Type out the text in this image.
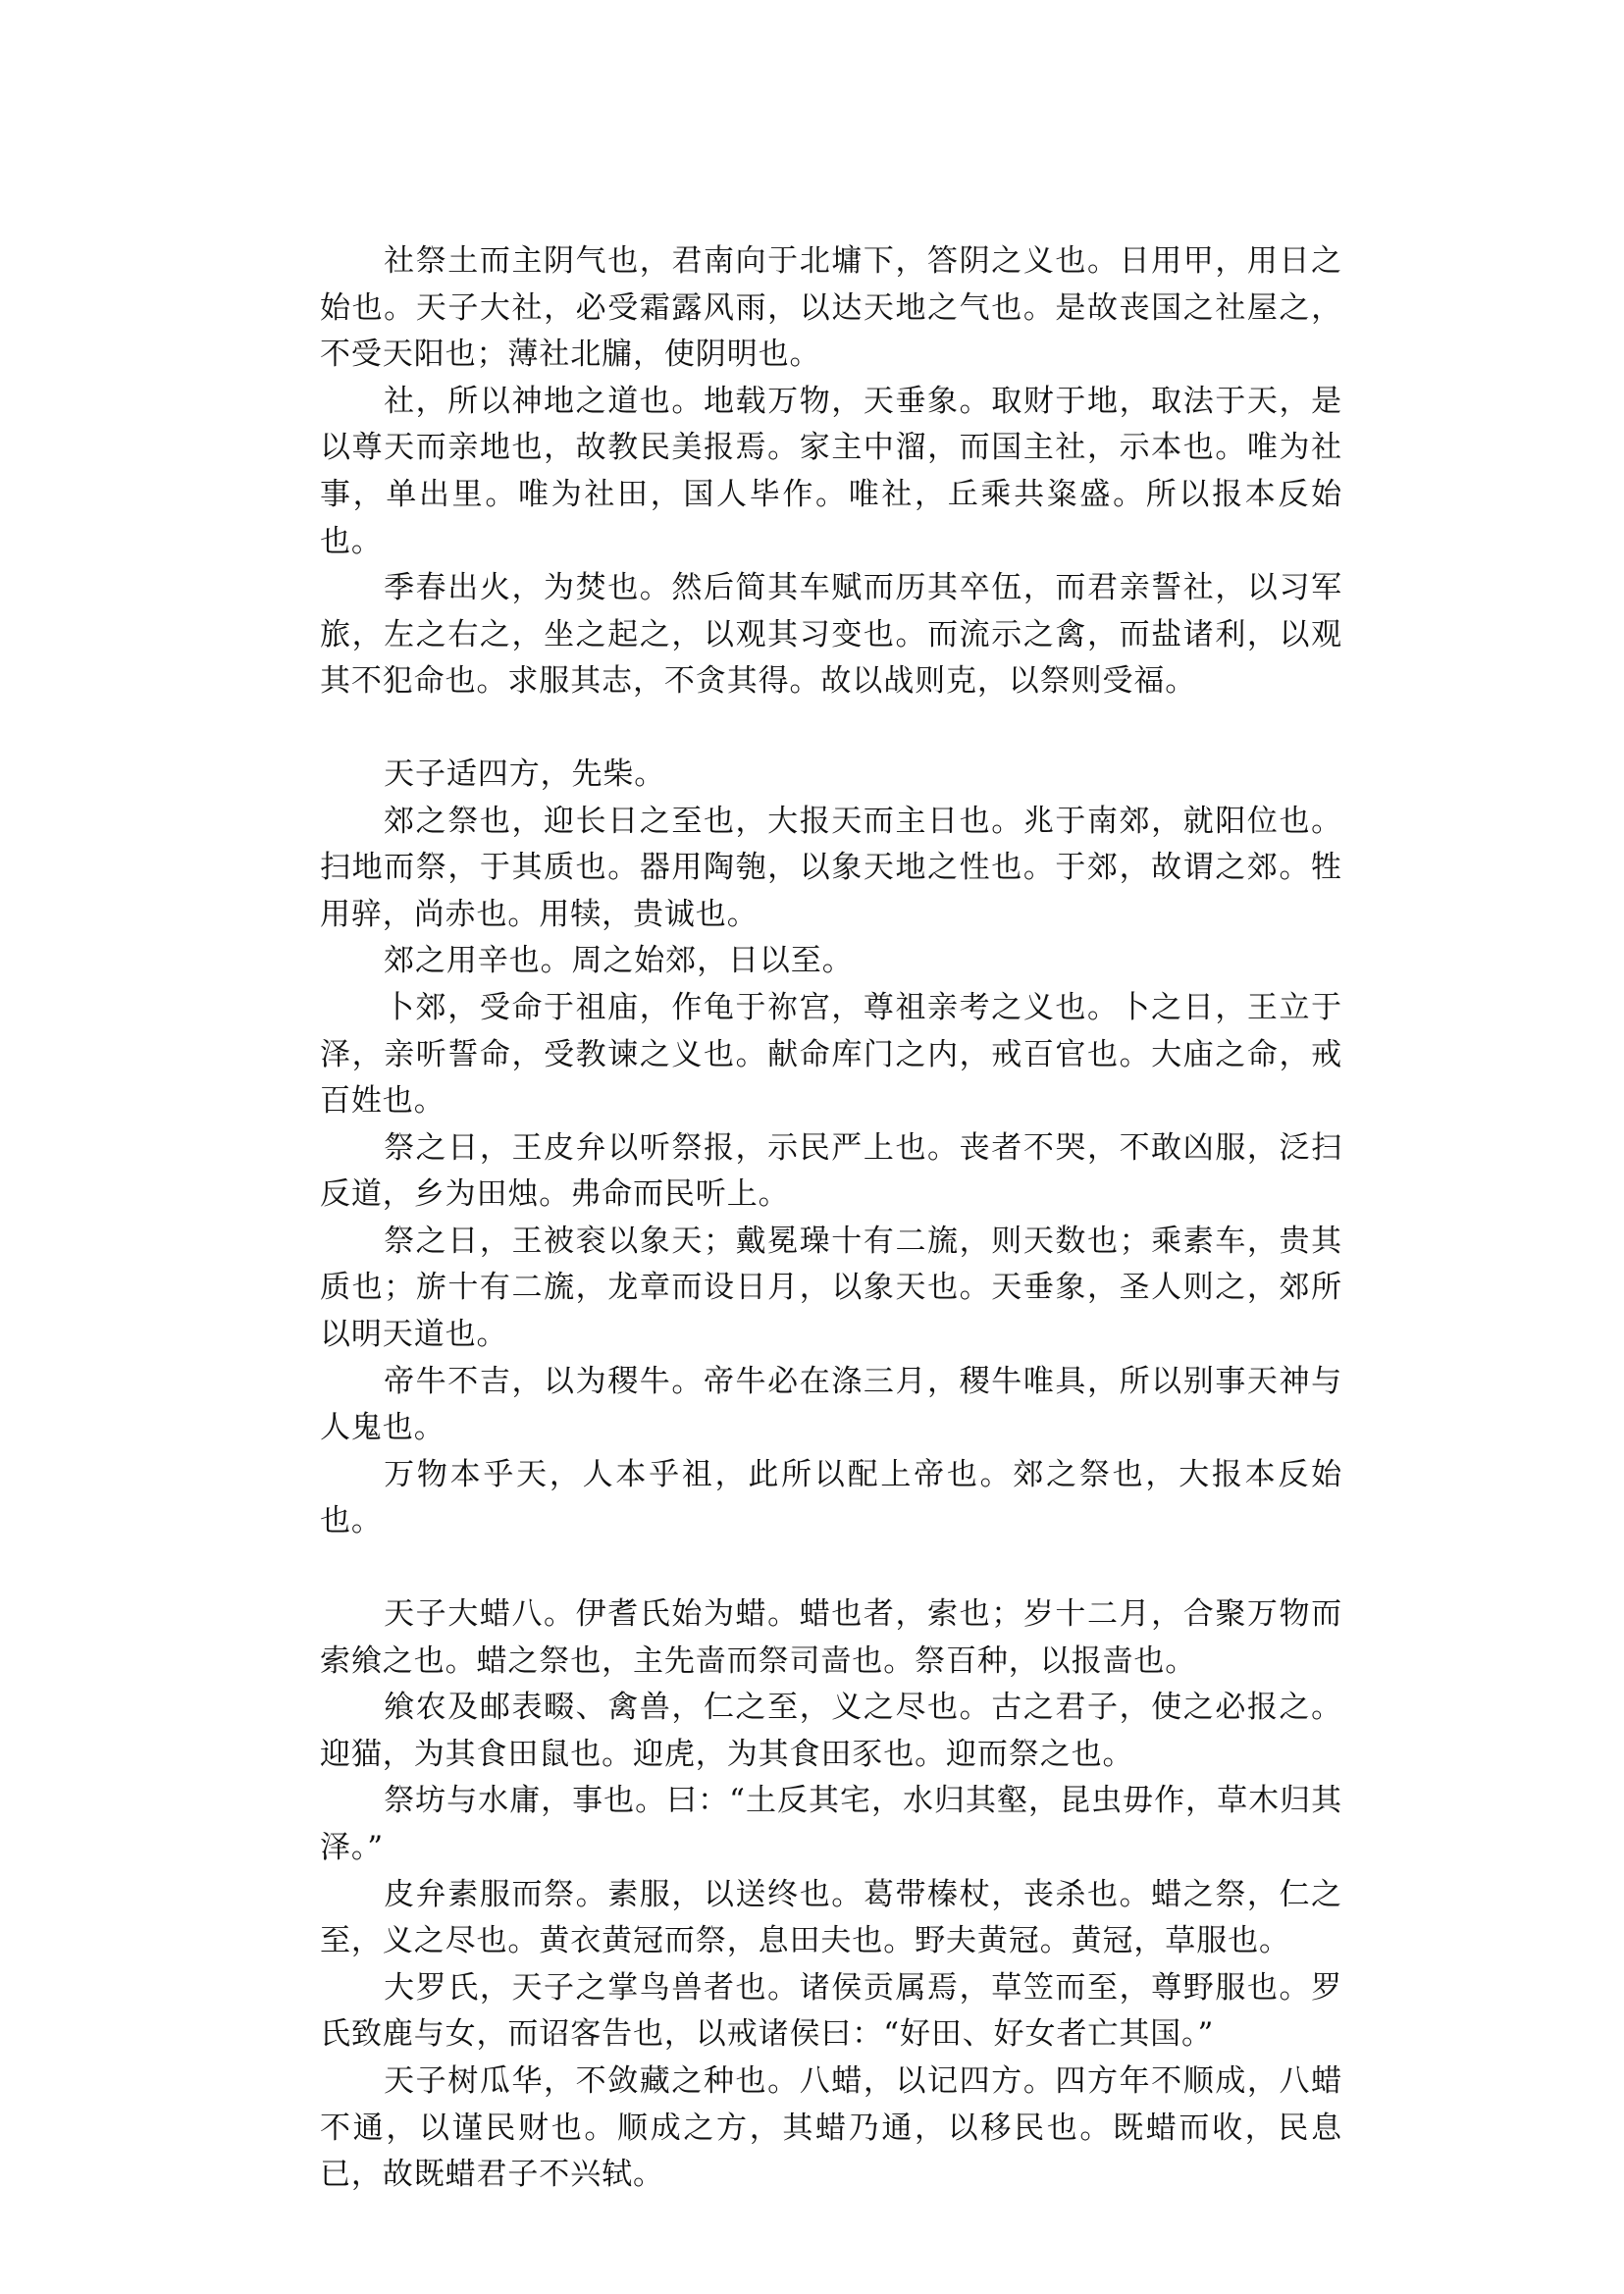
社祭土而主阴气也，君南向于北墉下，答阴之义也。日用甲，用日之始也。天子大社，必受霜露风雨，以达天地之气也。是故丧国之社屋之，不受天阳也；薄社北牖，使阴明也。

社，所以神地之道也。地载万物，天垂象。取财于地，取法于天，是以尊天而亲地也，故教民美报焉。家主中溜，而国主社，示本也。唯为社事，单出里。唯为社田，国人毕作。唯社，丘乘共粢盛。所以报本反始也。

季春出火，为焚也。然后简其车赋而历其卒伍，而君亲誓社，以习军旅，左之右之，坐之起之，以观其习变也。而流示之禽，而盐诸利，以观其不犯命也。求服其志，不贪其得。故以战则克，以祭则受福。

天子适四方，先柴。

郊之祭也，迎长日之至也，大报天而主日也。兆于南郊，就阳位也。扫地而祭，于其质也。器用陶匏，以象天地之性也。于郊，故谓之郊。牲用骍，尚赤也。用犊，贵诚也。

郊之用辛也。周之始郊，日以至。

卜郊，受命于祖庙，作龟于祢宫，尊祖亲考之义也。卜之日，王立于泽，亲听誓命，受教谏之义也。献命库门之内，戒百官也。大庙之命，戒百姓也。

祭之日，王皮弁以听祭报，示民严上也。丧者不哭，不敢凶服，泛扫反道，乡为田烛。弗命而民听上。

祭之日，王被衮以象天；戴冕璪十有二旒，则天数也；乘素车，贵其质也；旂十有二旒，龙章而设日月，以象天也。天垂象，圣人则之，郊所以明天道也。

帝牛不吉，以为稷牛。帝牛必在涤三月，稷牛唯具，所以别事天神与人鬼也。

万物本乎天，人本乎祖，此所以配上帝也。郊之祭也，大报本反始也。

天子大蜡八。伊耆氏始为蜡。蜡也者，索也；岁十二月，合聚万物而索飨之也。蜡之祭也，主先啬而祭司啬也。祭百种，以报啬也。

飨农及邮表畷、禽兽，仁之至，义之尽也。古之君子，使之必报之。迎猫，为其食田鼠也。迎虎，为其食田豕也。迎而祭之也。

祭坊与水庸，事也。曰：“土反其宅，水归其壑，昆虫毋作，草木归其泽。”

皮弁素服而祭。素服，以送终也。葛带榛杖，丧杀也。蜡之祭，仁之至，义之尽也。黄衣黄冠而祭，息田夫也。野夫黄冠。黄冠，草服也。

大罗氏，天子之掌鸟兽者也。诸侯贡属焉，草笠而至，尊野服也。罗氏致鹿与女，而诏客告也，以戒诸侯曰：“好田、好女者亡其国。”

天子树瓜华，不敛藏之种也。八蜡，以记四方。四方年不顺成，八蜡不通，以谨民财也。顺成之方，其蜡乃通，以移民也。既蜡而收，民息已，故既蜡君子不兴轼。
